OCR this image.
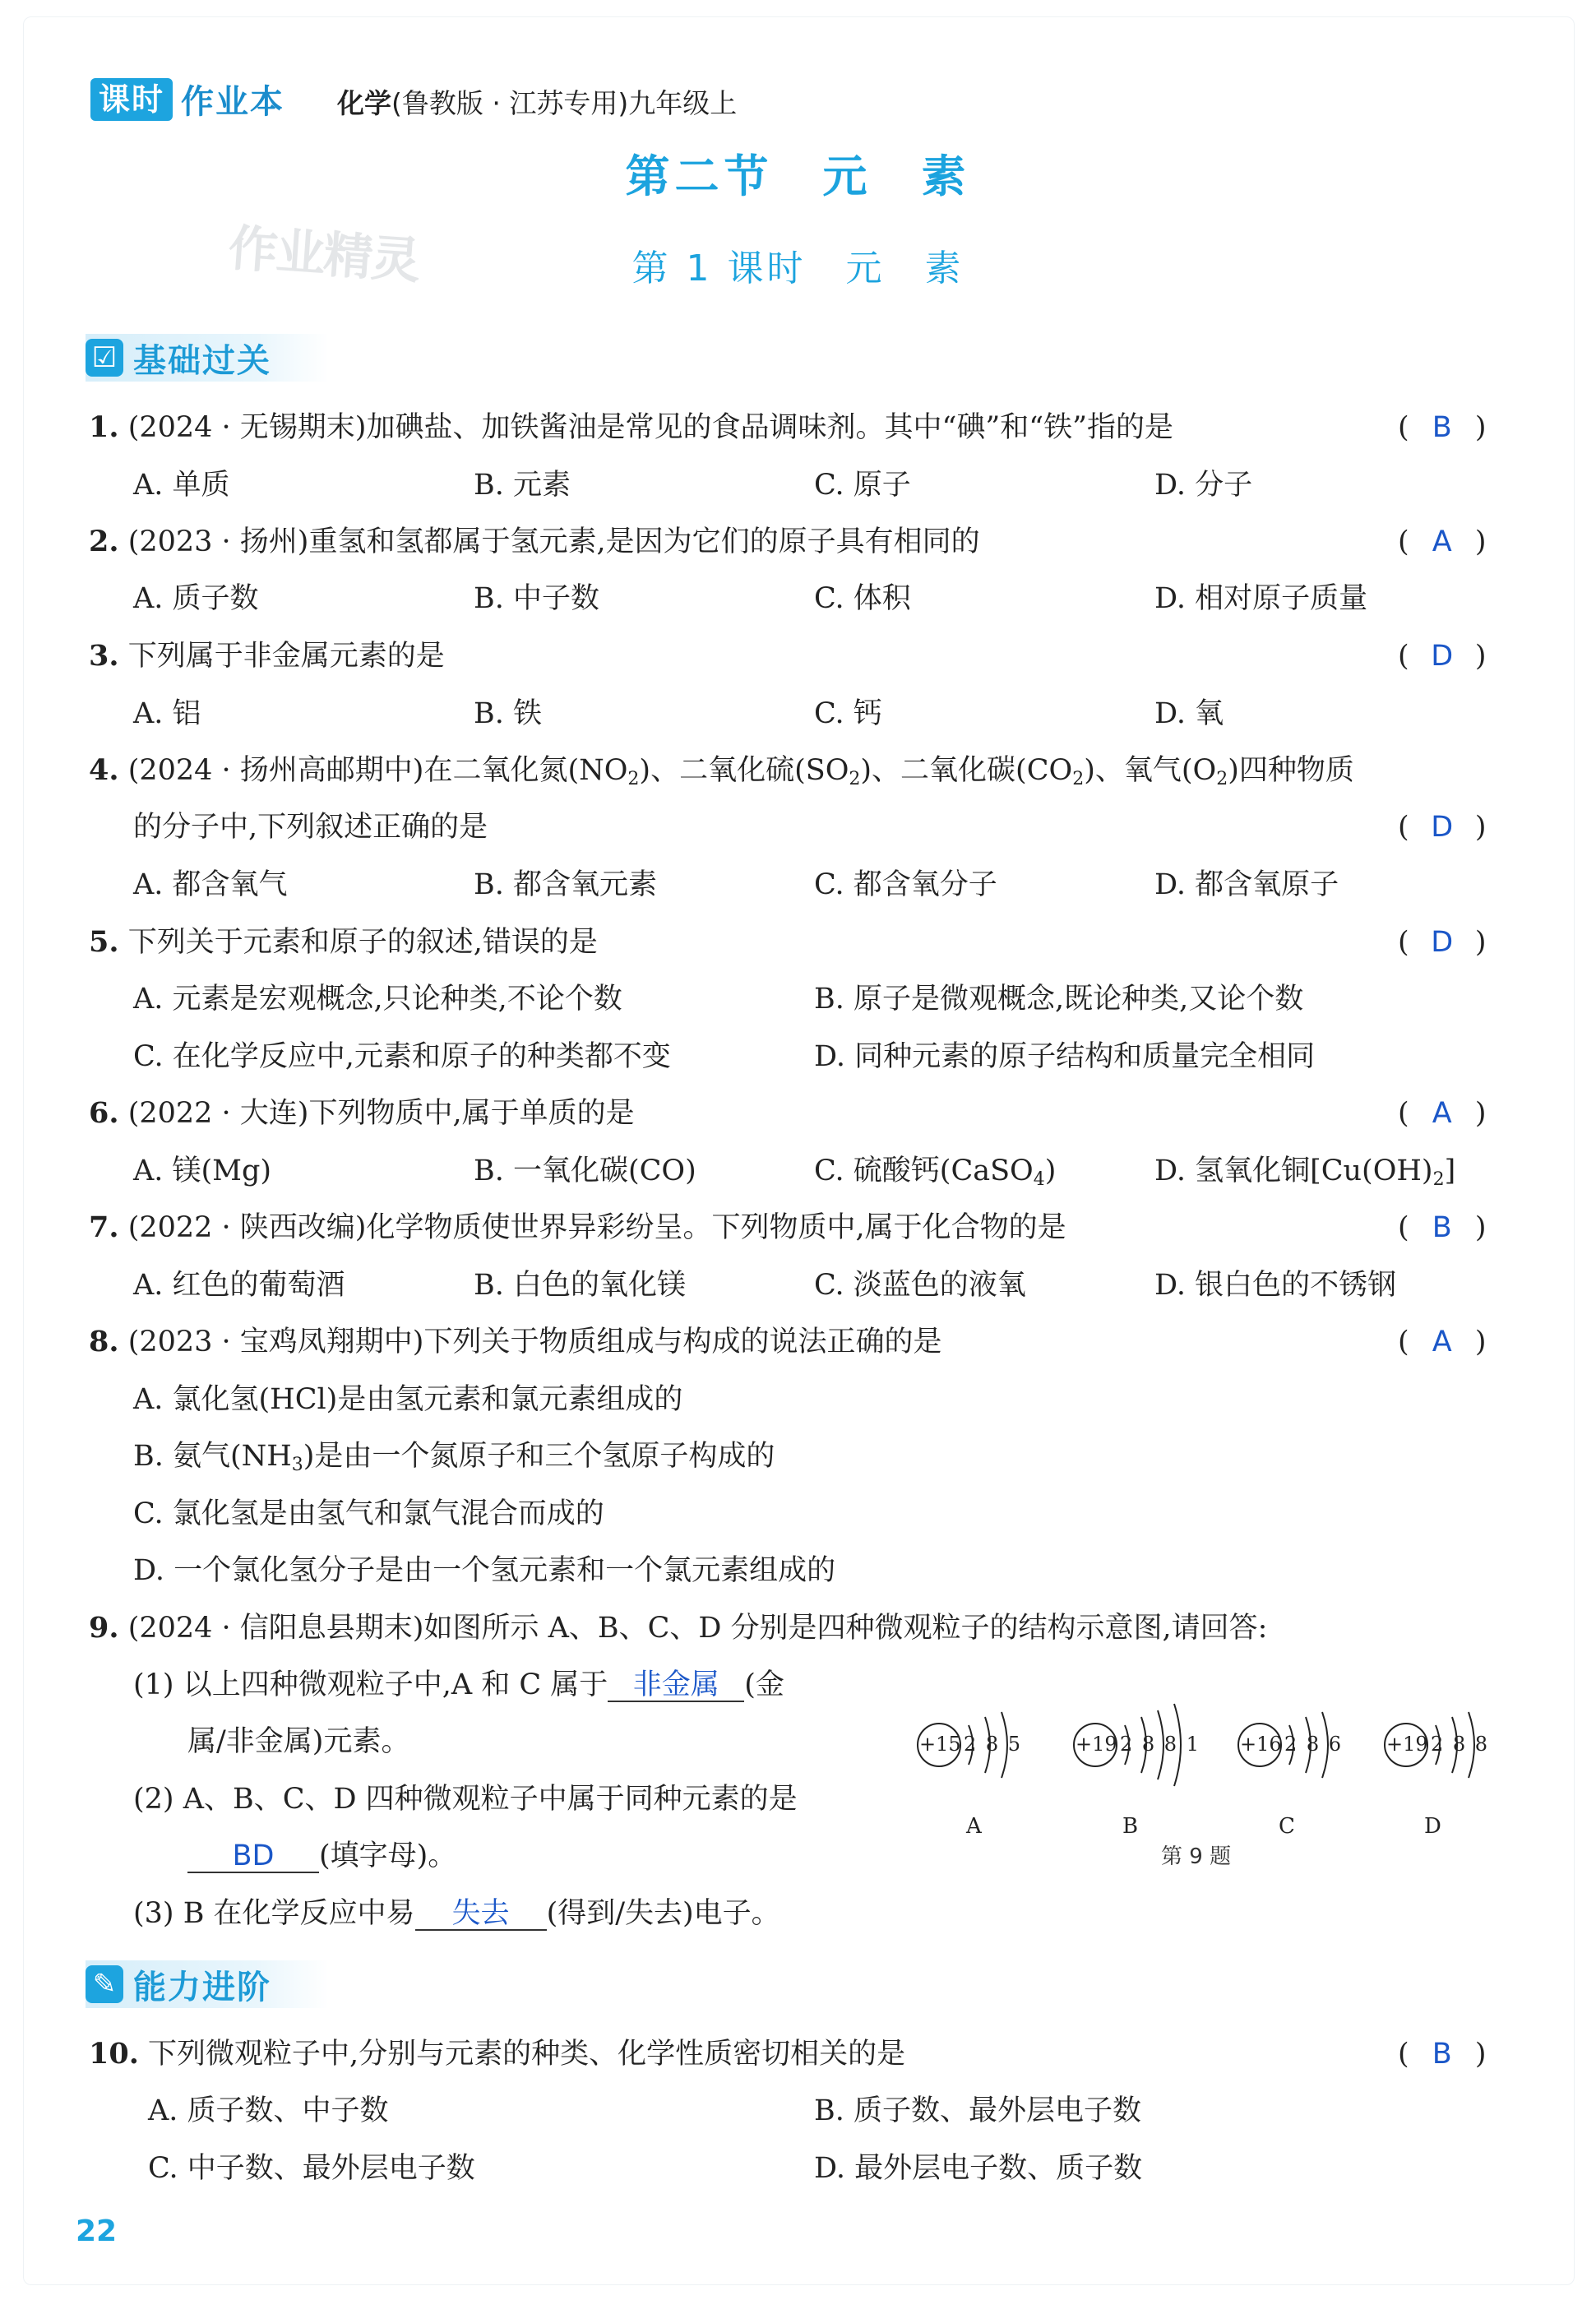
课时 作业本 化学(鲁教版 · 江苏专用)九年级上
第二节　元　素
作业精灵	第 1 课时　元　素
☑ 基础过关
1. (2024 · 无锡期末)加碘盐、加铁酱油是常见的食品调味剂。其中“碘”和“铁”指的是	( B )
A. 单质	B. 元素	C. 原子	D. 分子
2. (2023 · 扬州)重氢和氢都属于氢元素,是因为它们的原子具有相同的	( A )
A. 质子数	B. 中子数	C. 体积	D. 相对原子质量
3. 下列属于非金属元素的是	( D )
A. 铝	B. 铁	C. 钙	D. 氧
4. (2024 · 扬州高邮期中)在二氧化氮$(NO_2)$、二氧化硫$(SO_2)$、二氧化碳$(CO_2)$、氧气$(O_2)$四种物质
的分子中,下列叙述正确的是	( D )
A. 都含氧气	B. 都含氧元素	C. 都含氧分子	D. 都含氧原子
5. 下列关于元素和原子的叙述,错误的是	( D )
A. 元素是宏观概念,只论种类,不论个数	B. 原子是微观概念,既论种类,又论个数
C. 在化学反应中,元素和原子的种类都不变	D. 同种元素的原子结构和质量完全相同
6. (2022 · 大连)下列物质中,属于单质的是	( A )
A. 镁(Mg)	B. 一氧化碳(CO)	C. 硫酸钙(CaSO$_4$)	D. 氢氧化铜$[Cu(OH)_2]$
7. (2022 · 陕西改编)化学物质使世界异彩纷呈。下列物质中,属于化合物的是	( B )
A. 红色的葡萄酒	B. 白色的氧化镁	C. 淡蓝色的液氧	D. 银白色的不锈钢
8. (2023 · 宝鸡凤翔期中)下列关于物质组成与构成的说法正确的是	( A )
A. 氯化氢(HCl)是由氢元素和氯元素组成的
B. 氨气$(NH_3)$是由一个氮原子和三个氢原子构成的
C. 氯化氢是由氢气和氯气混合而成的
D. 一个氯化氢分子是由一个氢元素和一个氯元素组成的
9. (2024 · 信阳息县期末)如图所示 A、B、C、D 分别是四种微观粒子的结构示意图,请回答:
(1) 以上四种微观粒子中,A 和 C 属于 非金属 (金
属/非金属)元素。
(2) A、B、C、D 四种微观粒子中属于同种元素的是
BD (填字母)。
(3) B 在化学反应中易 失去 (得到/失去)电子。
+15 2 8 5	+19 2 8 8 1 +16 2 8 6 +19 2 8 8
A	B	C	D
第 9 题
✎ 能力进阶
10. 下列微观粒子中,分别与元素的种类、化学性质密切相关的是	( B )
A. 质子数、中子数	B. 质子数、最外层电子数
C. 中子数、最外层电子数	D. 最外层电子数、质子数
22
